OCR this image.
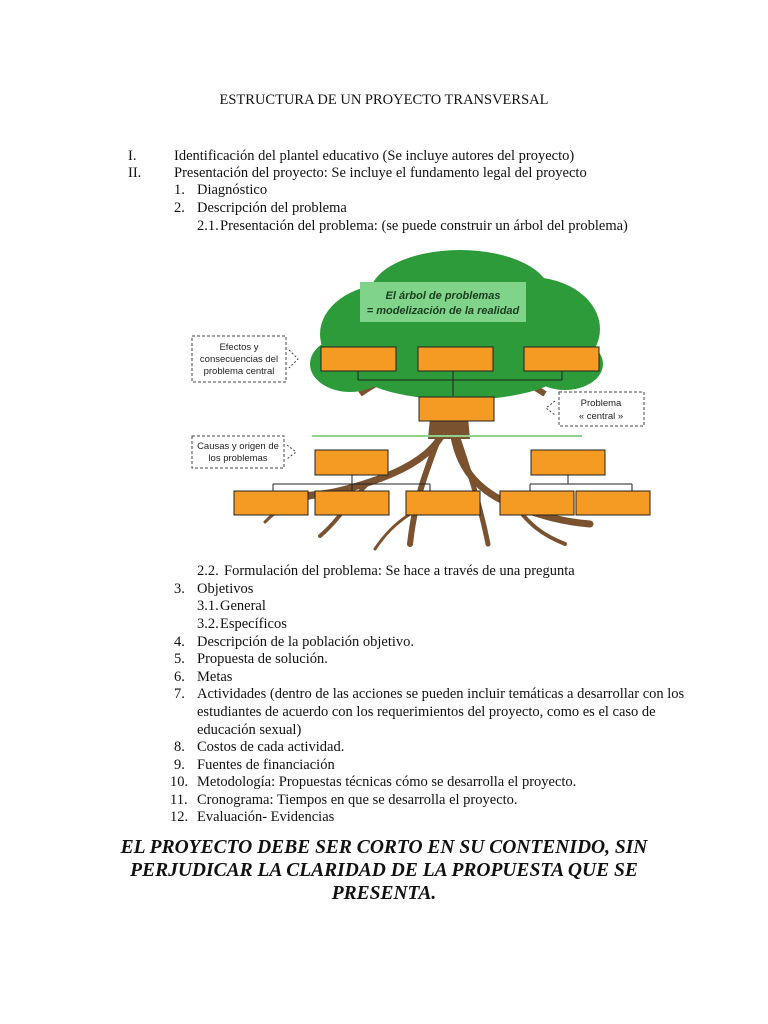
ESTRUCTURA DE UN PROYECTO TRANSVERSAL
I.	Identificación del plantel educativo (Se incluye autores del proyecto)
II. Presentación del proyecto: Se incluye el fundamento legal del proyecto
1. Diagnóstico
2. Descripción del problema
2.1. Presentación del problema: (se puede construir un árbol del problema)
El árbol de problemas
= modelización de la realidad
Efectos y
consecuencias del
problema central
Causas y origen de
los problemas
Problema
« central »
2.2. Formulación del problema: Se hace a través de una pregunta
3. Objetivos
3.1. General
3.2. Específicos
4. Descripción de la población objetivo.
5. Propuesta de solución.
6. Metas
7. Actividades (dentro de las acciones se pueden incluir temáticas a desarrollar con los
estudiantes de acuerdo con los requerimientos del proyecto, como es el caso de
educación sexual)
8. Costos de cada actividad.
9. Fuentes de financiación
10. Metodología: Propuestas técnicas cómo se desarrolla el proyecto.
11. Cronograma: Tiempos en que se desarrolla el proyecto.
12. Evaluación- Evidencias
EL PROYECTO DEBE SER CORTO EN SU CONTENIDO, SIN
PERJUDICAR LA CLARIDAD DE LA PROPUESTA QUE SE
PRESENTA.
